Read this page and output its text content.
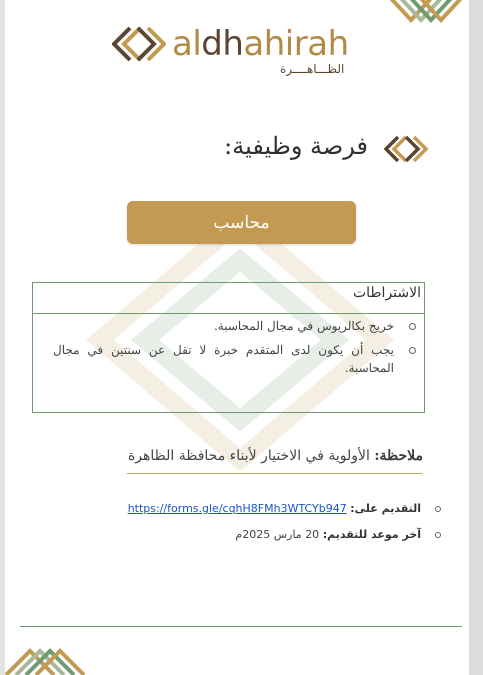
aldhahirah
الظـــاهــــرة
فرصة وظيفية:
محاسب
الاشتراطات
خريج بكالريوس في مجال المحاسبة.
يجب أن يكون لدى المتقدم خبرة لا تقل عن سنتين في مجال المحاسبة.
ملاحظة: الأولوية في الاختيار لأبناء محافظة الظاهرة
التقديم على: https://forms.gle/cqhH8FMh3WTCYb947
آخر موعد للتقديم: 20 مارس 2025م
